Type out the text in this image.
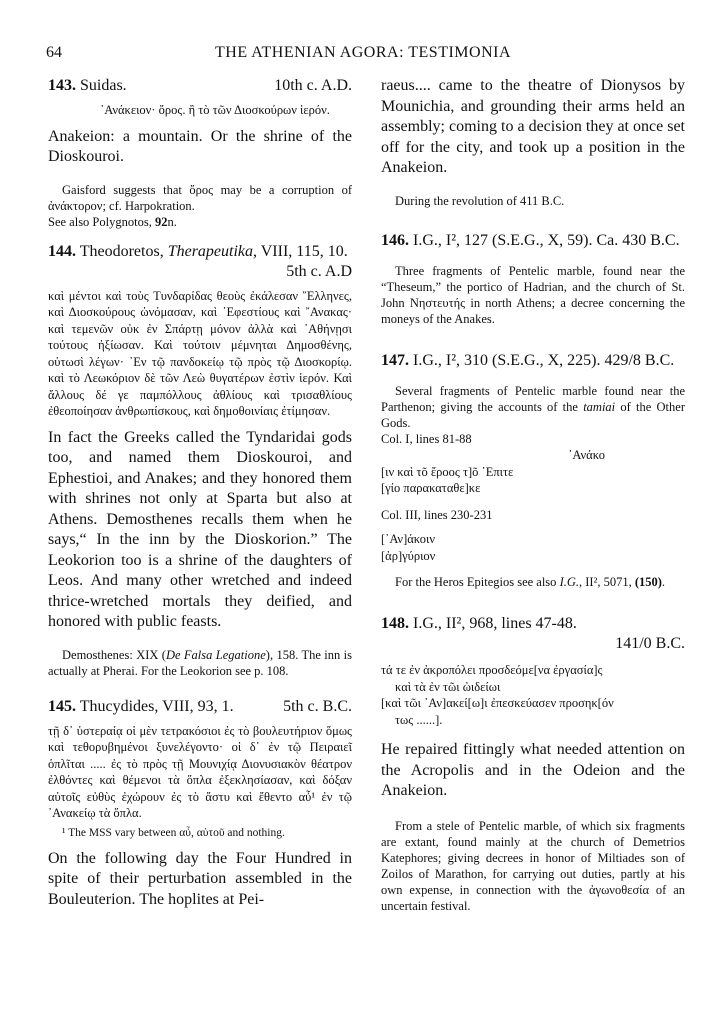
64	THE ATHENIAN AGORA: TESTIMONIA
143. Suidas.	10th c. A.D.

᾿Ανάκειον· ὄρος. ἢ τὸ τῶν Διοσκούρων ἱερόν.

Anakeion: a mountain. Or the shrine of the Dioskouroi.

Gaisford suggests that ὄρος may be a corruption of ἀνάκτορον; cf. Harpokration.

See also Polygnotos, 92n.

144. Theodoretos, Therapeutika, VIII, 115, 10.
5th c. A.D

καὶ μέντοι καὶ τοὺς Τυνδαρίδας θεοὺς ἐκάλεσαν ῞Ελληνες, καὶ Διοσκούρους ὠνόμασαν, καὶ ᾿Εφεστίους καὶ ῎Ανακας· καὶ τεμενῶν οὐκ ἐν Σπάρτῃ μόνον ἀλλὰ καὶ ᾿Αθήνῃσι τούτους ἠξίωσαν. Καὶ τούτοιν μέμνηται Δημοσθένης, οὑτωσὶ λέγων· ᾿Εν τῷ πανδοκείῳ τῷ πρὸς τῷ Διοσκορίῳ. καὶ τὸ Λεωκόριον δὲ τῶν Λεὼ θυγατέρων ἐστὶν ἱερόν. Καὶ ἄλλους δέ γε παμπόλλους ἀθλίους καὶ τρισαθλίους ἐθεοποίησαν ἀνθρωπίσκους, καὶ δημοθοινίαις ἐτίμησαν.

In fact the Greeks called the Tyndaridai gods too, and named them Dioskouroi, and Ephestioi, and Anakes; and they honored them with shrines not only at Sparta but also at Athens. Demosthenes recalls them when he says,“ In the inn by the Dioskorion.” The Leokorion too is a shrine of the daughters of Leos. And many other wretched and indeed thrice-wretched mortals they deified, and honored with public feasts.

Demosthenes: XIX (De Falsa Legatione), 158. The inn is actually at Pherai. For the Leokorion see p. 108.

145. Thucydides, VIII, 93, 1.	5th c. B.C.

τῇ δ᾽ ὑστεραίᾳ οἱ μὲν τετρακόσιοι ἐς τὸ βουλευτήριον ὅμως καὶ τεθορυβημένοι ξυνελέγοντο· οἱ δ᾽ ἐν τῷ Πειραιεῖ ὁπλῖται ..... ἐς τὸ πρὸς τῇ Μουνιχίᾳ Διονυσιακὸν θέατρον ἐλθόντες καὶ θέμενοι τὰ ὅπλα ἐξεκλησίασαν, καὶ δόξαν αὐτοῖς εὐθὺς ἐχώρουν ἐς τὸ ἄστυ καὶ ἔθεντο αὖ¹ ἐν τῷ ᾿Ανακείῳ τὰ ὅπλα.

¹ The MSS vary between αὖ, αὐτοῦ and nothing.

On the following day the Four Hundred in spite of their perturbation assembled in the Bouleuterion. The hoplites at Pei-

raeus.... came to the theatre of Dionysos by Mounichia, and grounding their arms held an assembly; coming to a decision they at once set off for the city, and took up a position in the Anakeion.

During the revolution of 411 B.C.

146. I.G., I², 127 (S.E.G., X, 59). Ca. 430 B.C.

Three fragments of Pentelic marble, found near the “Theseum,” the portico of Hadrian, and the church of St. John Νηστευτής in north Athens; a decree concerning the moneys of the Anakes.

147. I.G., I², 310 (S.E.G., X, 225). 429/8 B.C.

Several fragments of Pentelic marble found near the Parthenon; giving the accounts of the tamiai of the Other Gods.

Col. I, lines 81-88
᾿Ανάκο
[ιν καὶ τõ ἔροος τ]õ ᾿Επιτε
[γίο παρακαταθε]κε
Col. III, lines 230-231
[᾿Αν]άκοιν
[ἀρ]γύριον

For the Heros Epitegios see also I.G., II², 5071, (150).

148. I.G., II², 968, lines 47-48.
141/0 B.C.
τά τε ἐν ἀκροπόλει προσδεόμε[να ἐργασία]ς
καὶ τὰ ἐν τῶι ὠιδείωι
[καὶ τῶι ᾿Αν]ακεί[ω]ι ἐπεσκεύασεν προσηκ[όν
τως ......].

He repaired fittingly what needed attention on the Acropolis and in the Odeion and the Anakeion.

From a stele of Pentelic marble, of which six fragments are extant, found mainly at the church of Demetrios Katephores; giving decrees in honor of Miltiades son of Zoilos of Marathon, for carrying out duties, partly at his own expense, in connection with the ἀγωνοθεσία of an uncertain festival.
